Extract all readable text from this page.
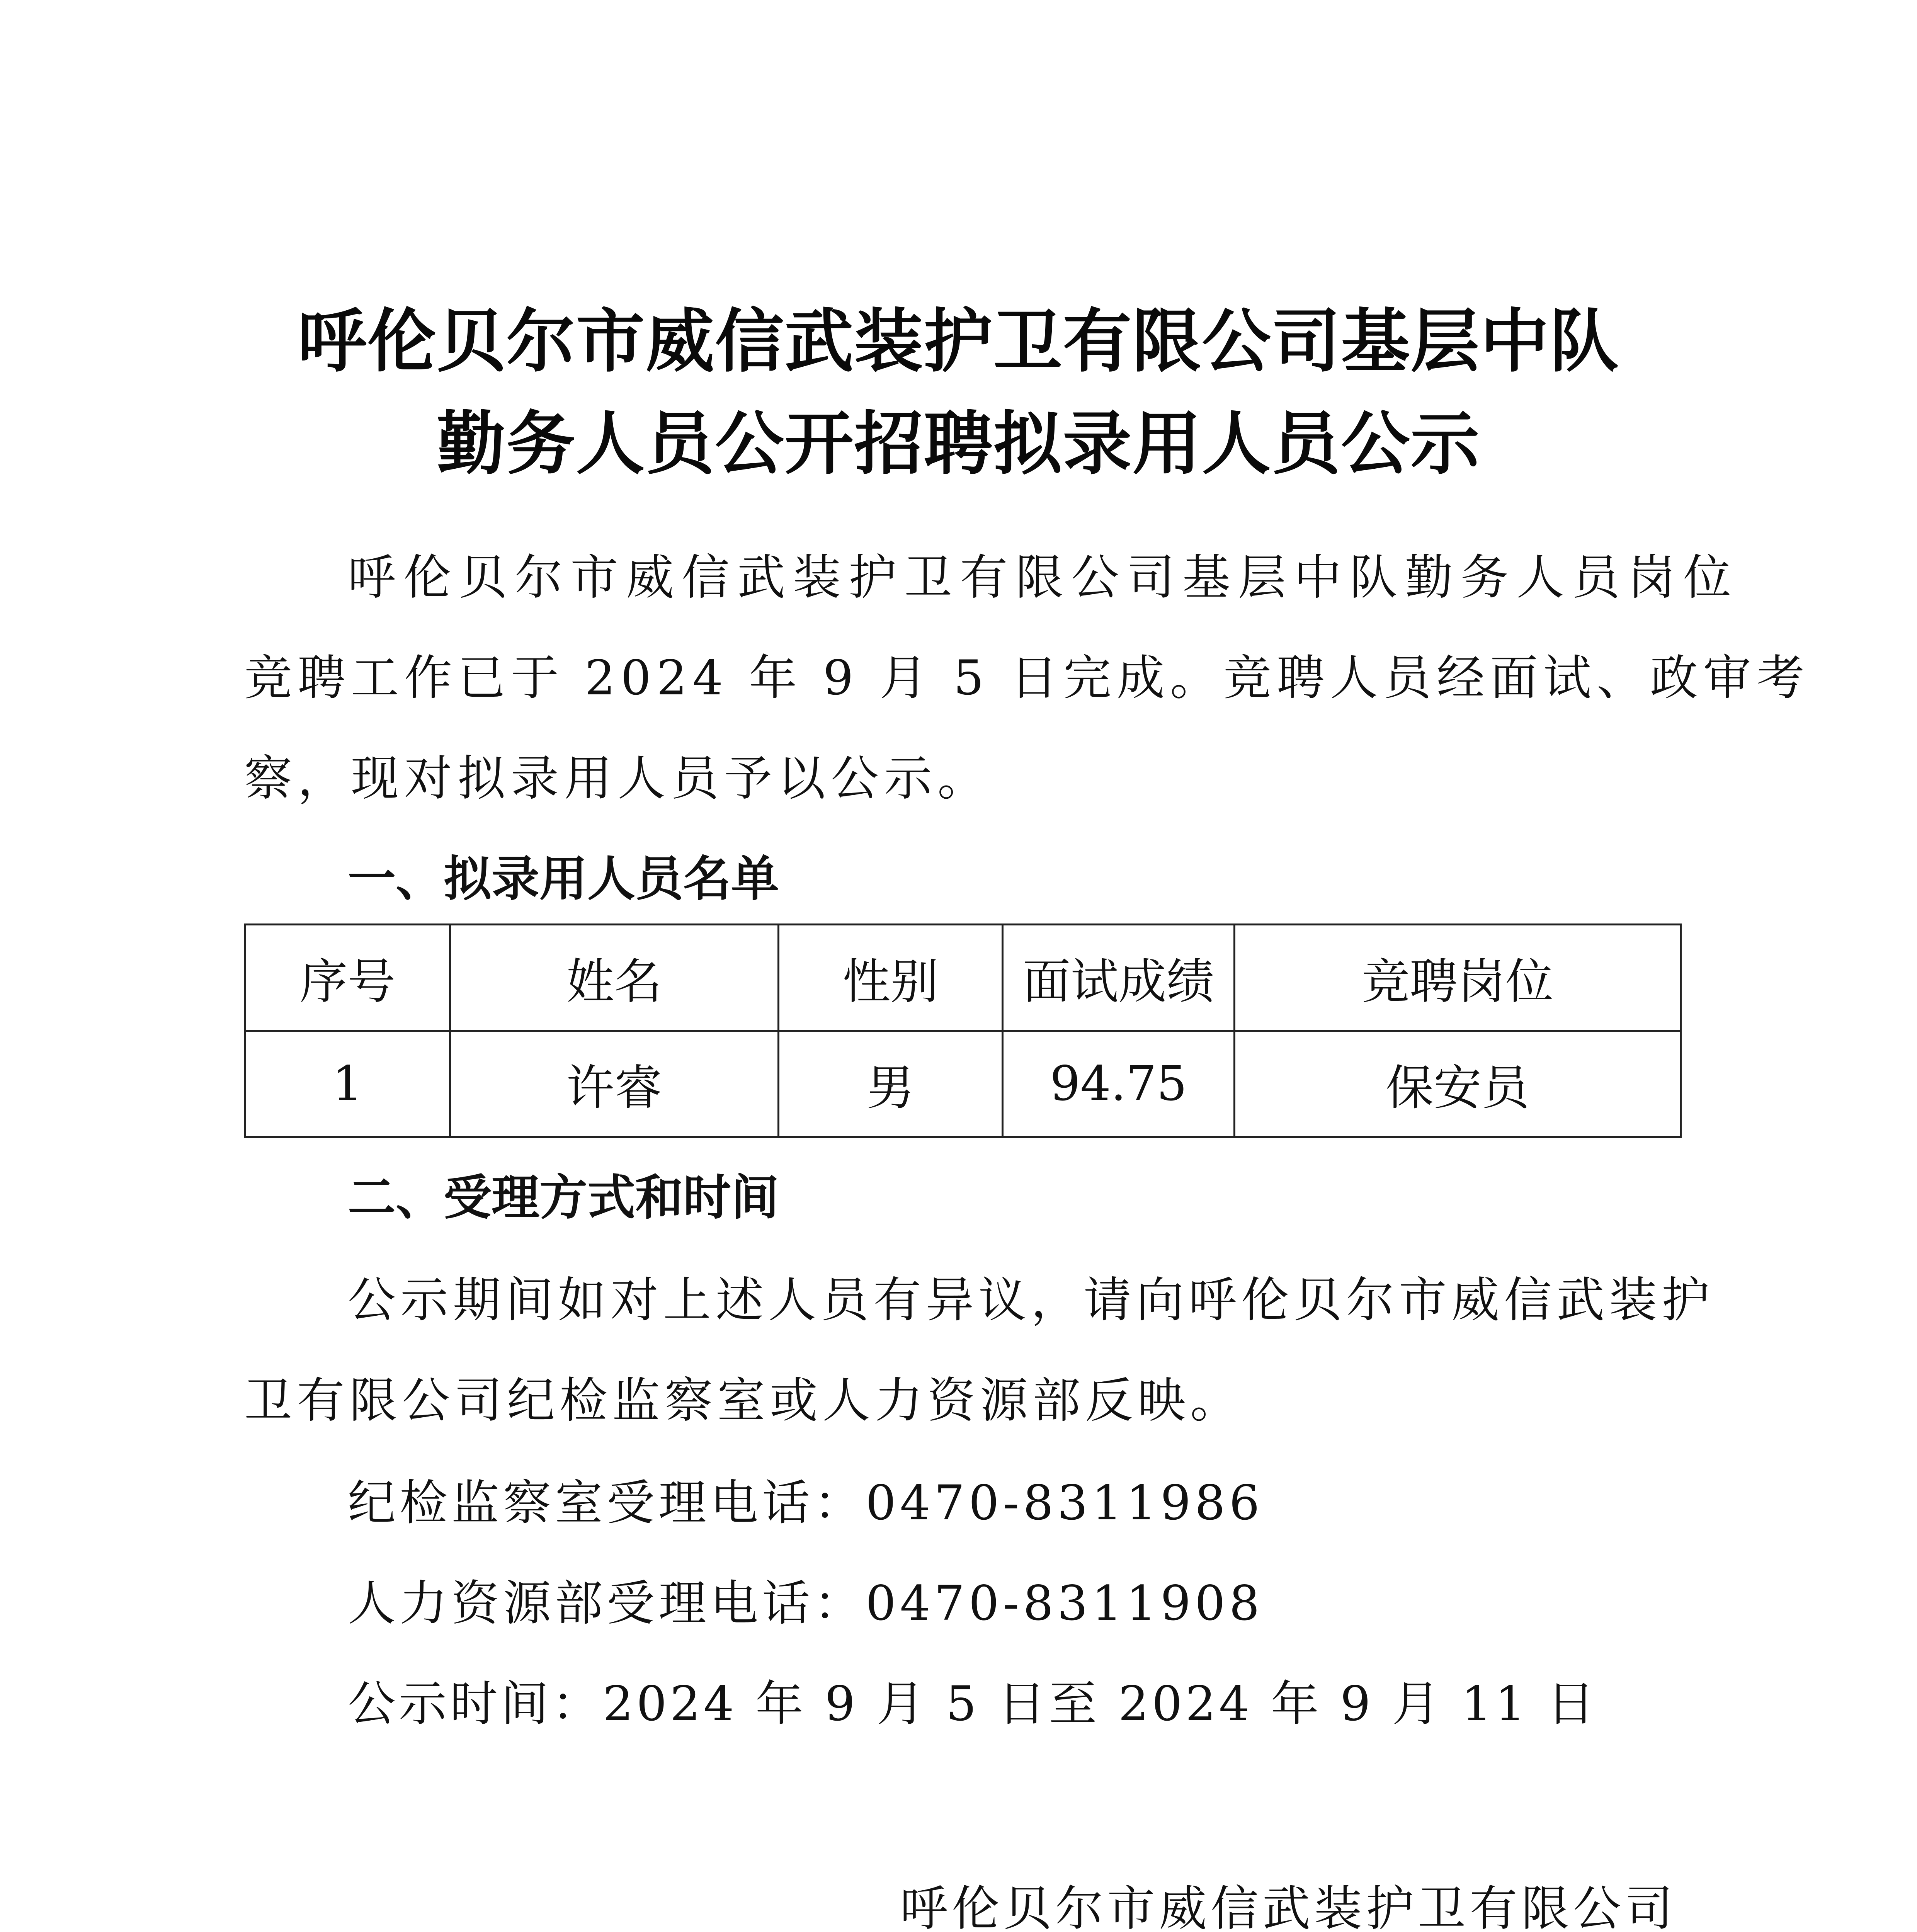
呼伦贝尔市威信武装护卫有限公司基层中队
勤务人员公开招聘拟录用人员公示
呼伦贝尔市威信武装护卫有限公司基层中队勤务人员岗位
竞聘工作已于 2024 年 9 月 5 日完成。竞聘人员经面试、政审考
察，现对拟录用人员予以公示。
一、拟录用人员名单
序号	姓名	性别	面试成绩	竞聘岗位
1	许睿	男	94.75	保安员
二、受理方式和时间
公示期间如对上述人员有异议，请向呼伦贝尔市威信武装护
卫有限公司纪检监察室或人力资源部反映。
纪检监察室受理电话：0470-8311986
人力资源部受理电话：0470-8311908
公示时间：2024 年 9 月 5 日至 2024 年 9 月 11 日
呼伦贝尔市威信武装护卫有限公司
